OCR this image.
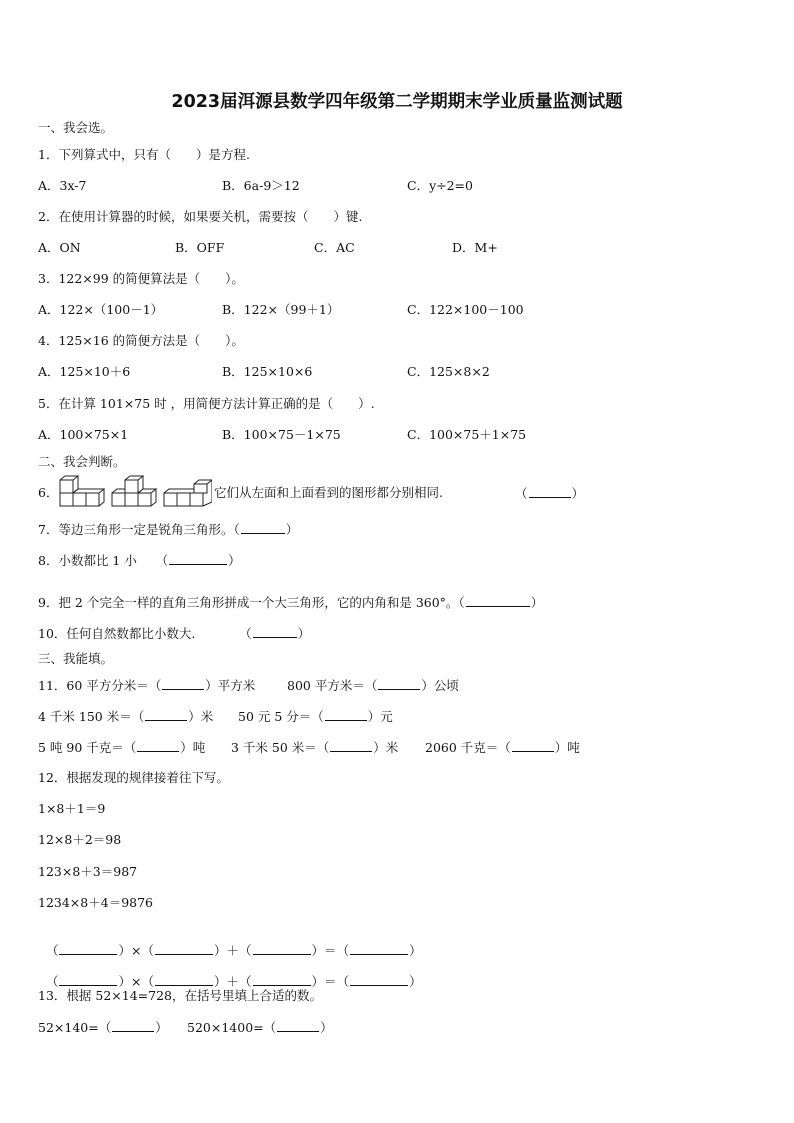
2023届洱源县数学四年级第二学期期末学业质量监测试题
一、我会选。
1．下列算式中，只有（　　）是方程.
A．3x-7	B．6a-9＞12	C．y÷2=0
2．在使用计算器的时候，如果要关机，需要按（　　）键.
A．ON	B．OFF	C．AC	D．M+
3．122×99 的简便算法是（　　）。
A．122×（100－1）	B．122×（99＋1）	C．122×100－100
4．125×16 的简便方法是（　　）。
A．125×10＋6	B．125×10×6	C．125×8×2
5．在计算 101×75 时 ，用简便方法计算正确的是（　　）.
A．100×75×1	B．100×75－1×75	C．100×75＋1×75
二、我会判断。
6．	它们从左面和上面看到的图形都分别相同.	（	）
7．等边三角形一定是锐角三角形。（	）
8．小数都比 1 小　　（	）
9．把 2 个完全一样的直角三角形拼成一个大三角形，它的内角和是 360°。（	）
10．任何自然数都比小数大.　　　　（	）
三、我能填。
11．60 平方分米＝（	）平方米	800 平方米＝（	）公顷
4 千米 150 米＝（	）米 50 元 5 分＝（	）元
5 吨 90 千克＝（	）吨 3 千米 50 米＝（	）米 2060 千克＝（	）吨
12．根据发现的规律接着往下写。
1×8＋1＝9
12×8＋2＝98
123×8＋3＝987
1234×8＋4＝9876

（	）×（	）＋（	）＝（	）

（	）×（	）＋（	）＝（	）

13．根据 52×14=728，在括号里填上合适的数。
52×140=（	） 520×1400=（	）
